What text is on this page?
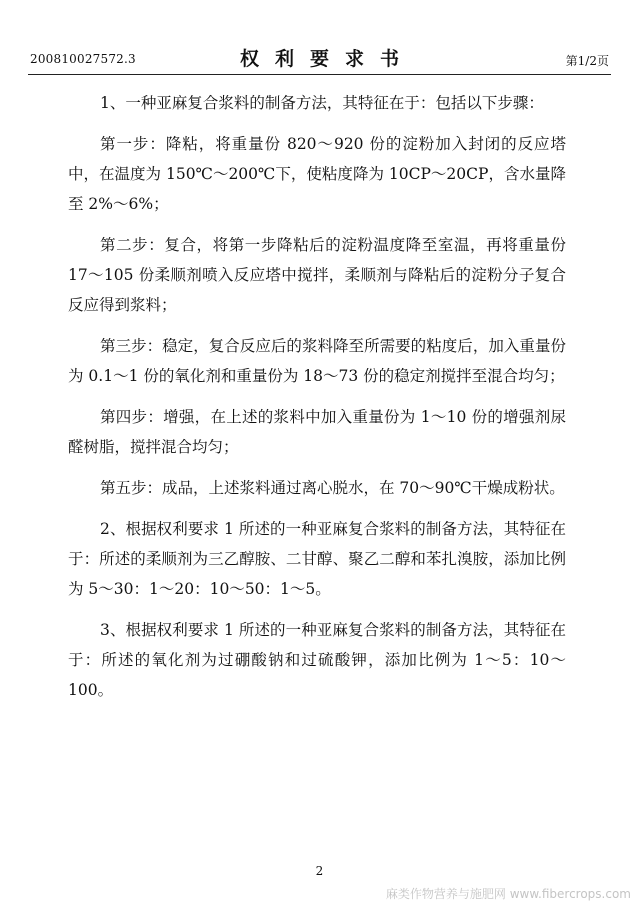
200810027572.3	权利要求书	第1/2页

1、一种亚麻复合浆料的制备方法，其特征在于：包括以下步骤：

第一步：降粘，将重量份 820～920 份的淀粉加入封闭的反应塔中，在温度为 150℃～200℃下，使粘度降为 10CP～20CP，含水量降至 2%～6%；

第二步：复合，将第一步降粘后的淀粉温度降至室温，再将重量份 17～105 份柔顺剂喷入反应塔中搅拌，柔顺剂与降粘后的淀粉分子复合反应得到浆料；

第三步：稳定，复合反应后的浆料降至所需要的粘度后，加入重量份为 0.1～1 份的氧化剂和重量份为 18～73 份的稳定剂搅拌至混合均匀；

第四步：增强，在上述的浆料中加入重量份为 1～10 份的增强剂尿醛树脂，搅拌混合均匀；

第五步：成品，上述浆料通过离心脱水，在 70～90℃干燥成粉状。

2、根据权利要求 1 所述的一种亚麻复合浆料的制备方法，其特征在于：所述的柔顺剂为三乙醇胺、二甘醇、聚乙二醇和苯扎溴胺，添加比例为 5～30：1～20：10～50：1～5。

3、根据权利要求 1 所述的一种亚麻复合浆料的制备方法，其特征在于：所述的氧化剂为过硼酸钠和过硫酸钾，添加比例为 1～5：10～100。

2
麻类作物营养与施肥网 www.fibercrops.com
